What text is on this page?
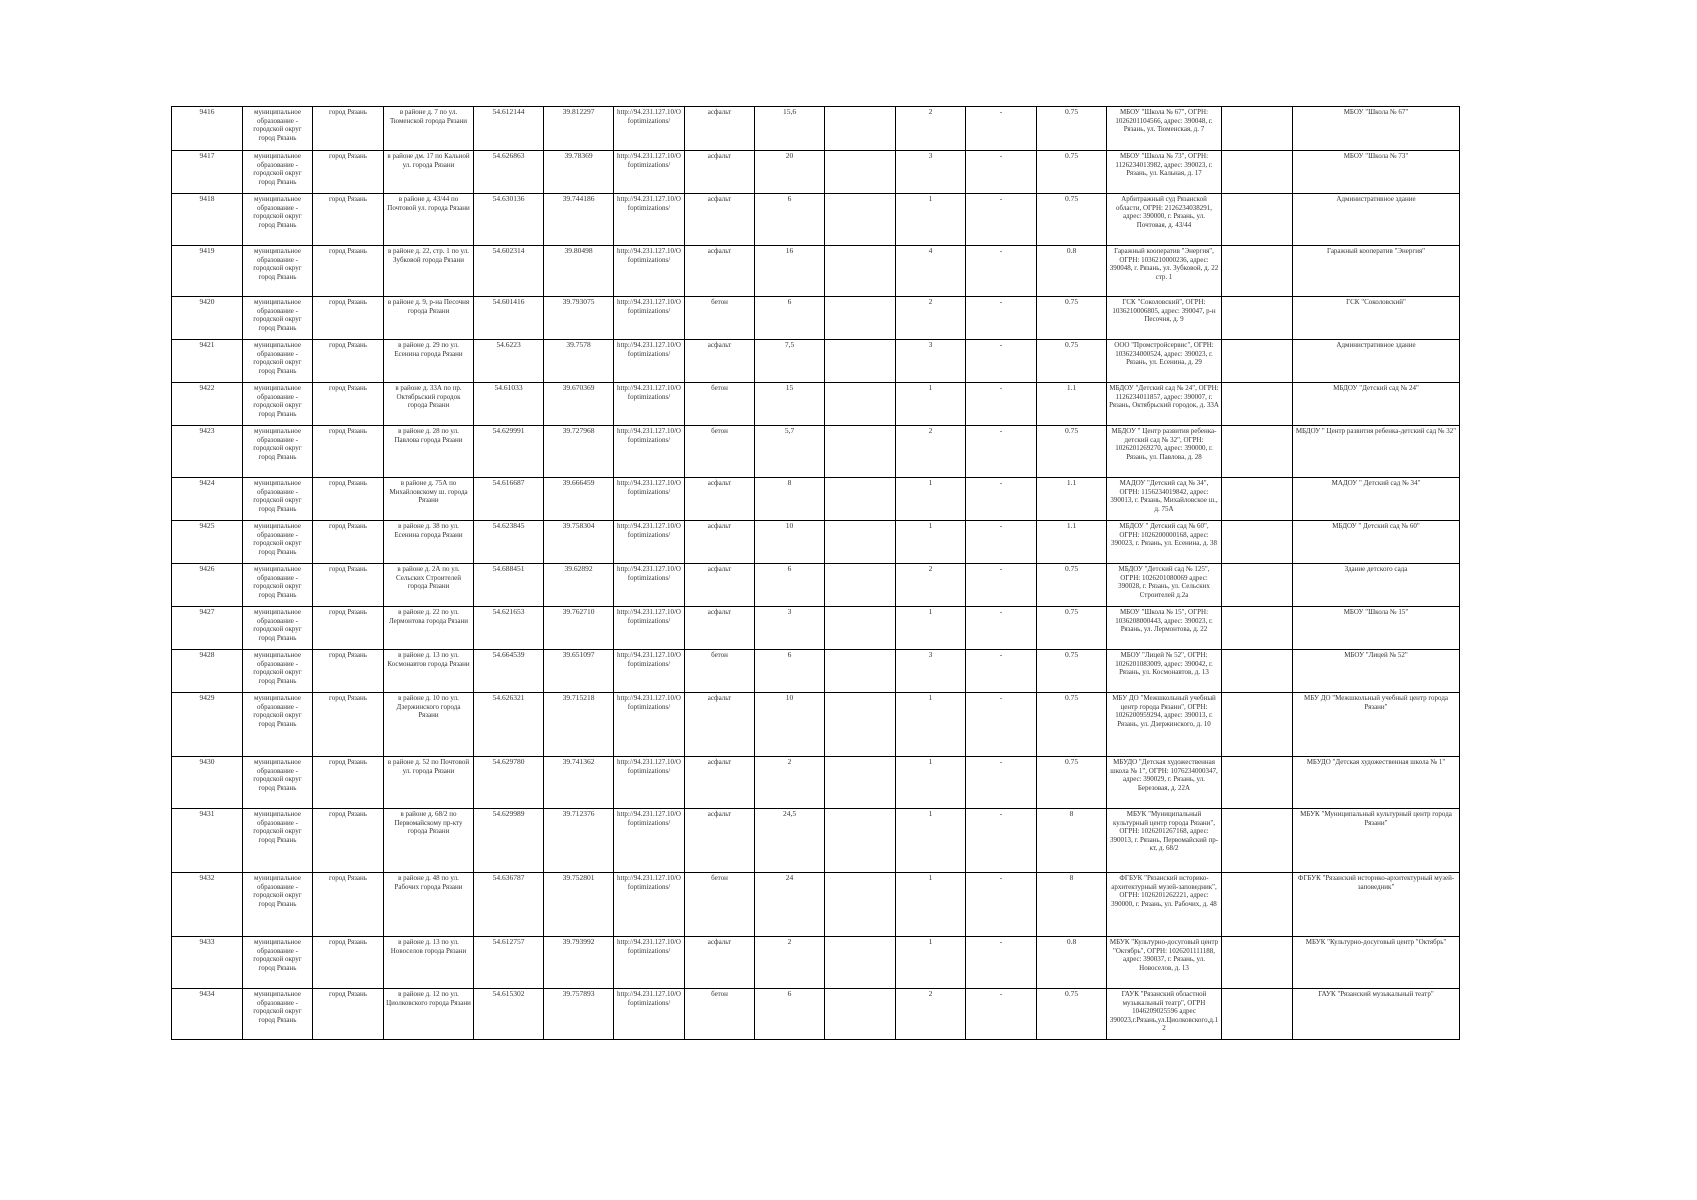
9416	муниципальное образование - городской округ город Рязань	город Рязань	в районе д. 7 по ул. Тюменской города Рязани	54.612144	39.812297	http://94.231.127.10/Ofoptimizations/	асфальт	15,6		2	-	0.75	МБОУ "Школа № 67", ОГРН: 1026201104566, адрес: 390048, г. Рязань, ул. Тюменская, д. 7		МБОУ "Школа № 67"
9417	муниципальное образование - городской округ город Рязань	город Рязань	в районе дм. 17 по Кальной ул. города Рязани	54.626863	39.78369	http://94.231.127.10/Ofoptimizations/	асфальт	20		3	-	0.75	МБОУ "Школа № 73", ОГРН: 1126234013982, адрес: 390023, г. Рязань, ул. Кальная, д. 17		МБОУ "Школа № 73"
9418	муниципальное образование - городской округ город Рязань	город Рязань	в районе д. 43/44 по Почтовой ул. города Рязани	54.630136	39.744186	http://94.231.127.10/Ofoptimizations/	асфальт	6		1	-	0.75	Арбитражный суд Рязанской области, ОГРН: 2126234038291, адрес: 390000, г. Рязань, ул. Почтовая, д. 43/44		Административное здание
9419	муниципальное образование - городской округ город Рязань	город Рязань	в районе д. 22, стр. 1 по ул. Зубковой города Рязани	54.602314	39.80498	http://94.231.127.10/Ofoptimizations/	асфальт	16		4	-	0.8	Гаражный кооператив "Энергия", ОГРН: 1036210000236, адрес: 390048, г. Рязань, ул. Зубковой, д. 22 стр. 1		Гаражный кооператив "Энергия"
9420	муниципальное образование - городской округ город Рязань	город Рязань	в районе д. 9, р-на Песочня города Рязани	54.601416	39.793075	http://94.231.127.10/Ofoptimizations/	бетон	6		2	-	0.75	ГСК "Соколовский", ОГРН: 1036210006805, адрес: 390047, р-н Песочня, д. 9		ГСК "Соколовский"
9421	муниципальное образование - городской округ город Рязань	город Рязань	в районе д. 29 по ул. Есенина города Рязани	54.6223	39.7578	http://94.231.127.10/Ofoptimizations/	асфальт	7,5		3	-	0.75	ООО "Промстройсервис", ОГРН: 1036234000524, адрес: 390023, г. Рязань, ул. Есенина, д. 29		Административное здание
9422	муниципальное образование - городской округ город Рязань	город Рязань	в районе д. 33А по пр. Октябрьский городок города Рязани	54.61033	39.670369	http://94.231.127.10/Ofoptimizations/	бетон	15		1	-	1.1	МБДОУ "Детский сад № 24", ОГРН: 1126234011857, адрес: 390007, г. Рязань, Октябрьский городок, д. 33А		МБДОУ "Детский сад № 24"
9423	муниципальное образование - городской округ город Рязань	город Рязань	в районе д. 28 по ул. Павлова города Рязани	54.629991	39.727968	http://94.231.127.10/Ofoptimizations/	бетон	5,7		2	-	0.75	МБДОУ " Центр развития ребенка-детский сад № 32", ОГРН: 1026201269270, адрес: 390000, г. Рязань, ул. Павлова, д. 28		МБДОУ " Центр развития ребенка-детский сад № 32"
9424	муниципальное образование - городской округ город Рязань	город Рязань	в районе д. 75А по Михайловскому ш. города Рязани	54.616687	39.666459	http://94.231.127.10/Ofoptimizations/	асфальт	8		1	-	1.1	МАДОУ "Детский сад № 34", ОГРН: 1156234019842, адрес: 390013, г. Рязань, Михайловское ш., д. 75А		МАДОУ " Детский сад № 34"
9425	муниципальное образование - городской округ город Рязань	город Рязань	в районе д. 38 по ул. Есенина города Рязани	54.623845	39.758304	http://94.231.127.10/Ofoptimizations/	асфальт	10		1	-	1.1	МБДОУ " Детский сад № 60", ОГРН: 1026200000168, адрес: 390023, г. Рязань, ул. Есенина, д. 38		МБДОУ " Детский сад № 60"
9426	муниципальное образование - городской округ город Рязань	город Рязань	в районе д. 2А по ул. Сельских Строителей города Рязани	54.688451	39.62892	http://94.231.127.10/Ofoptimizations/	асфальт	6		2	-	0.75	МБДОУ "Детский сад № 125", ОГРН: 1026201080069 адрес: 390028, г. Рязань, ул. Сельских Строителей д.2а		Здание детского сада
9427	муниципальное образование - городской округ город Рязань	город Рязань	в районе д. 22 по ул. Лермонтова города Рязани	54.621653	39.762710	http://94.231.127.10/Ofoptimizations/	асфальт	3		1	-	0.75	МБОУ "Школа № 15", ОГРН: 1036208000443, адрес: 390023, г. Рязань, ул. Лермонтова, д. 22		МБОУ "Школа № 15"
9428	муниципальное образование - городской округ город Рязань	город Рязань	в районе д. 13 по ул. Космонавтов города Рязани	54.664539	39.651097	http://94.231.127.10/Ofoptimizations/	бетон	6		3	-	0.75	МБОУ "Лицей № 52", ОГРН: 1026201083009, адрес: 390042, г. Рязань, ул. Космонавтов, д. 13		МБОУ "Лицей № 52"
9429	муниципальное образование - городской округ город Рязань	город Рязань	в районе д. 10 по ул. Дзержинского города Рязани	54.626321	39.715218	http://94.231.127.10/Ofoptimizations/	асфальт	10		1	-	0.75	МБУ ДО "Межшкольный учебный центр города Рязани", ОГРН: 1026200959294, адрес: 390013, г. Рязань, ул. Дзержинского, д. 10		МБУ ДО "Межшкольный учебный центр города Рязани"
9430	муниципальное образование - городской округ город Рязань	город Рязань	в районе д. 52 по Почтовой ул. города Рязани	54.629780	39.741362	http://94.231.127.10/Ofoptimizations/	асфальт	2		1	-	0.75	МБУДО "Детская художественная школа № 1", ОГРН: 1076234000347, адрес: 390029, г. Рязань, ул. Березовая, д. 22А		МБУДО "Детская художественная школа № 1"
9431	муниципальное образование - городской округ город Рязань	город Рязань	в районе д. 68/2 по Первомайскому пр-кту города Рязани	54.629989	39.712376	http://94.231.127.10/Ofoptimizations/	асфальт	24,5		1	-	8	МБУК "Муниципальный культурный центр города Рязани", ОГРН: 1026201267168, адрес: 390013, г. Рязань, Первомайский пр-кт, д. 68/2		МБУК "Муниципальный культурный центр города Рязани"
9432	муниципальное образование - городской округ город Рязань	город Рязань	в районе д. 48 по ул. Рабочих города Рязани	54.636787	39.752801	http://94.231.127.10/Ofoptimizations/	бетон	24		1	-	8	ФГБУК "Рязанский историко-архитектурный музей-заповедник", ОГРН: 1026201262221, адрес: 390000, г. Рязань, ул. Рабочих, д. 48		ФГБУК "Рязанский историко-архитектурный музей-заповедник"
9433	муниципальное образование - городской округ город Рязань	город Рязань	в районе д. 13 по ул. Новоселов города Рязани	54.612757	39.793992	http://94.231.127.10/Ofoptimizations/	асфальт	2		1	-	0.8	МБУК "Культурно-досуговый центр "Октябрь", ОГРН: 1026201111188, адрес: 390037, г. Рязань, ул. Новоселов, д. 13		МБУК "Культурно-досуговый центр "Октябрь"
9434	муниципальное образование - городской округ город Рязань	город Рязань	в районе д. 12 по ул. Циолковского города Рязани	54.615302	39.757893	http://94.231.127.10/Ofoptimizations/	бетон	6		2	-	0.75	ГАУК "Рязанский областной музыкальный театр", ОГРН 1046209025596 адрес 390023,г.Рязань,ул.Циолковского,д.12		ГАУК "Рязанский музыкальный театр"
